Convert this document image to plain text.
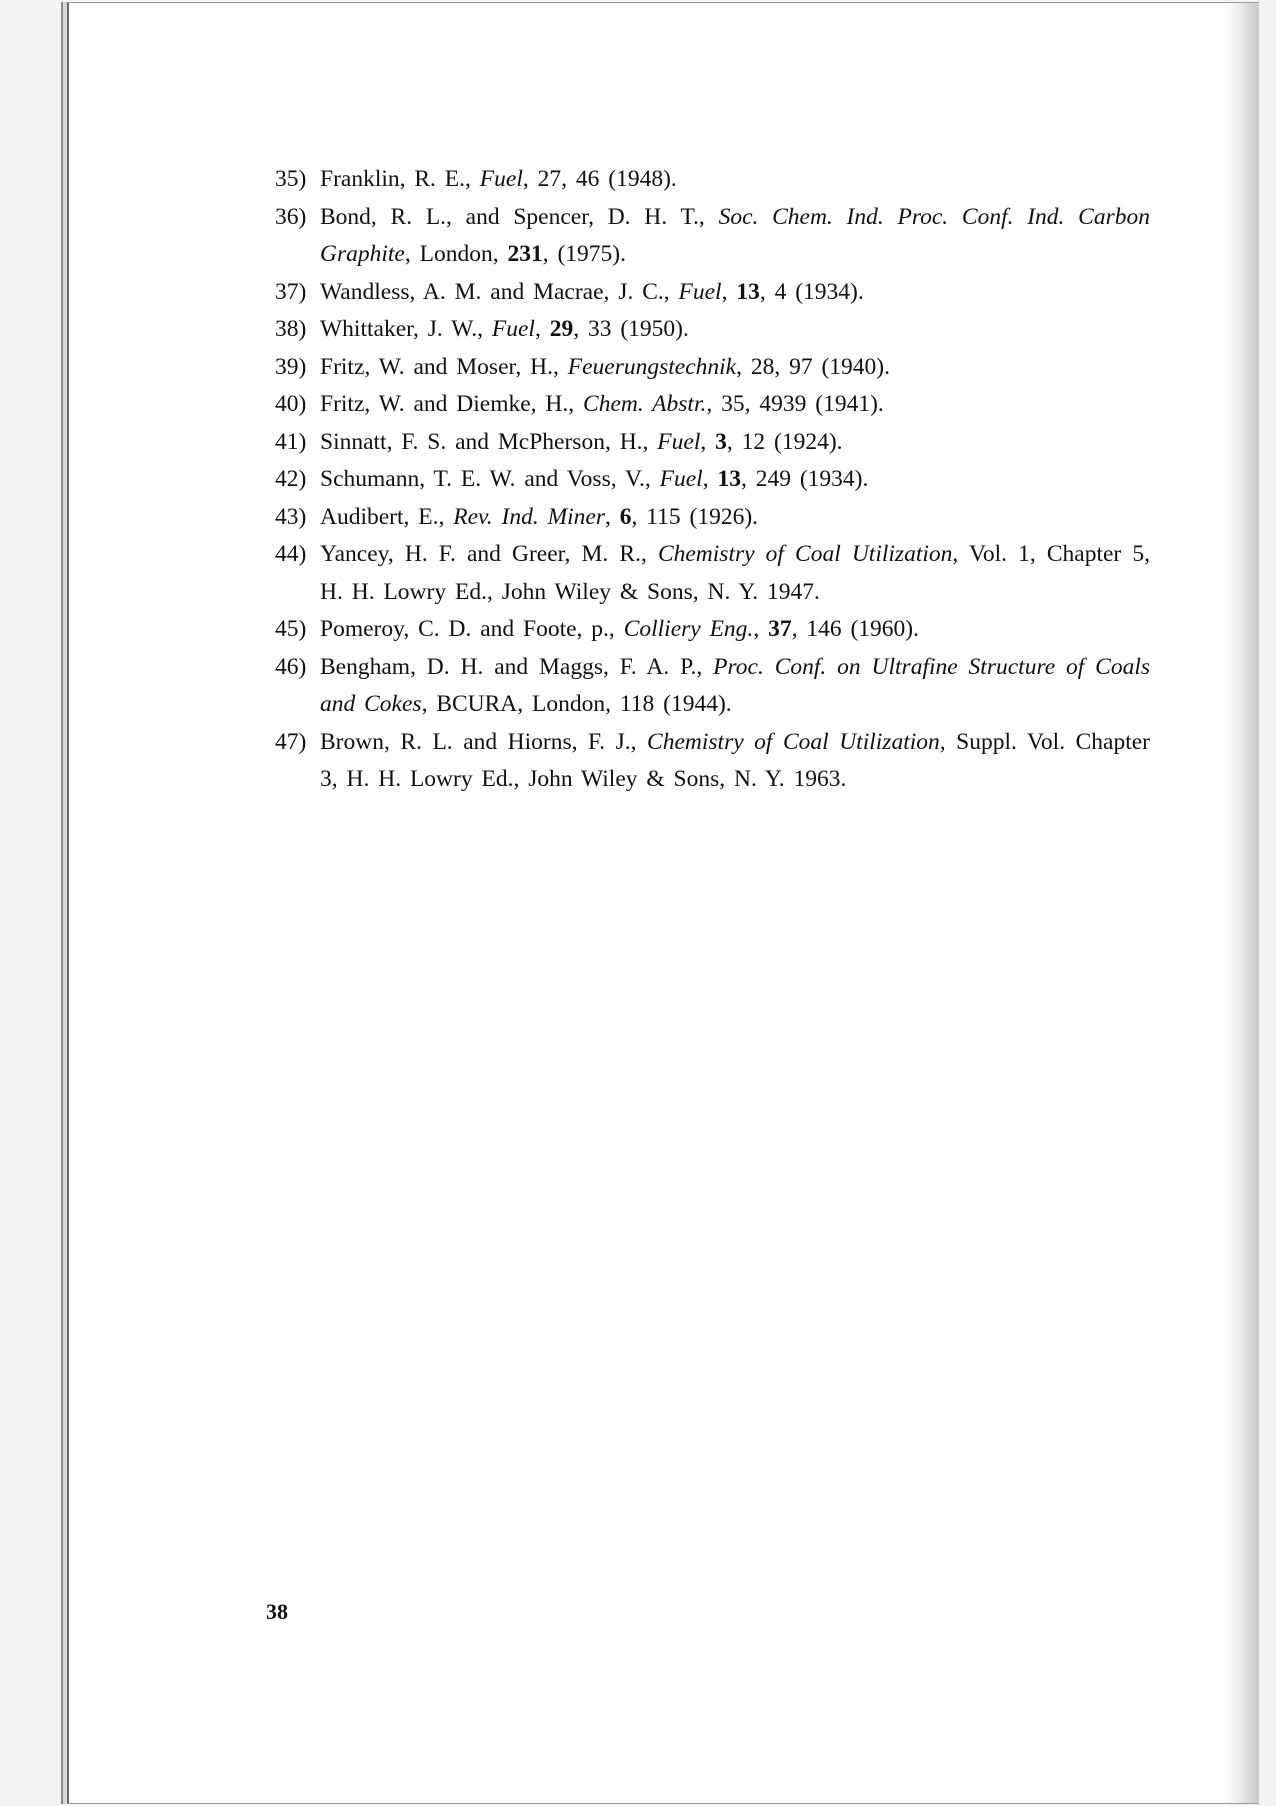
35) Franklin, R. E., Fuel, 27, 46 (1948).
36) Bond, R. L., and Spencer, D. H. T., Soc. Chem. Ind. Proc. Conf. Ind. Carbon Graphite, London, 231, (1975).
37) Wandless, A. M. and Macrae, J. C., Fuel, 13, 4 (1934).
38) Whittaker, J. W., Fuel, 29, 33 (1950).
39) Fritz, W. and Moser, H., Feuerungstechnik, 28, 97 (1940).
40) Fritz, W. and Diemke, H., Chem. Abstr., 35, 4939 (1941).
41) Sinnatt, F. S. and McPherson, H., Fuel, 3, 12 (1924).
42) Schumann, T. E. W. and Voss, V., Fuel, 13, 249 (1934).
43) Audibert, E., Rev. Ind. Miner, 6, 115 (1926).
44) Yancey, H. F. and Greer, M. R., Chemistry of Coal Utilization, Vol. 1, Chapter 5, H. H. Lowry Ed., John Wiley & Sons, N. Y. 1947.
45) Pomeroy, C. D. and Foote, p., Colliery Eng., 37, 146 (1960).
46) Bengham, D. H. and Maggs, F. A. P., Proc. Conf. on Ultrafine Structure of Coals and Cokes, BCURA, London, 118 (1944).
47) Brown, R. L. and Hiorns, F. J., Chemistry of Coal Utilization, Suppl. Vol. Chapter 3, H. H. Lowry Ed., John Wiley & Sons, N. Y. 1963.
38
